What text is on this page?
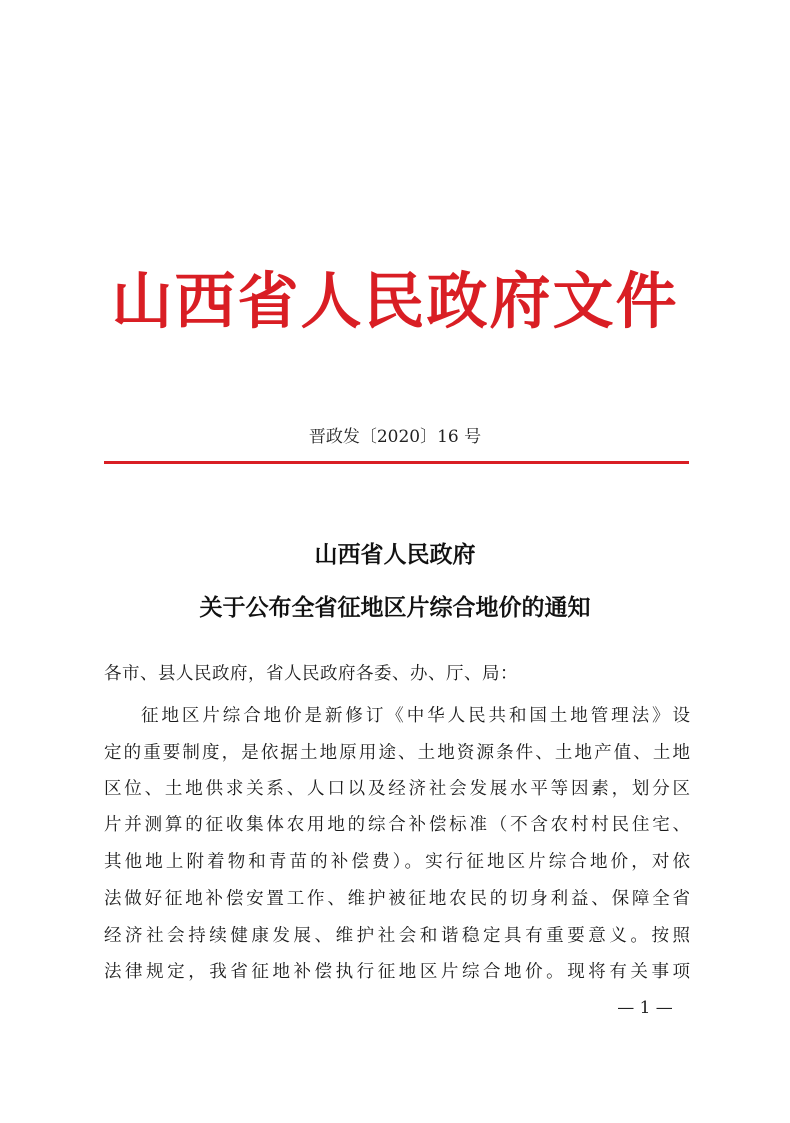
山西省人民政府文件
晋政发〔2020〕16 号
山西省人民政府
关于公布全省征地区片综合地价的通知
各市、县人民政府，省人民政府各委、办、厅、局：
征地区片综合地价是新修订《中华人民共和国土地管理法》设
定的重要制度，是依据土地原用途、土地资源条件、土地产值、土地
区位、土地供求关系、人口以及经济社会发展水平等因素，划分区
片并测算的征收集体农用地的综合补偿标准（不含农村村民住宅、
其他地上附着物和青苗的补偿费）。实行征地区片综合地价，对依
法做好征地补偿安置工作、维护被征地农民的切身利益、保障全省
经济社会持续健康发展、维护社会和谐稳定具有重要意义。按照
法律规定，我省征地补偿执行征地区片综合地价。现将有关事项
— 1 —
